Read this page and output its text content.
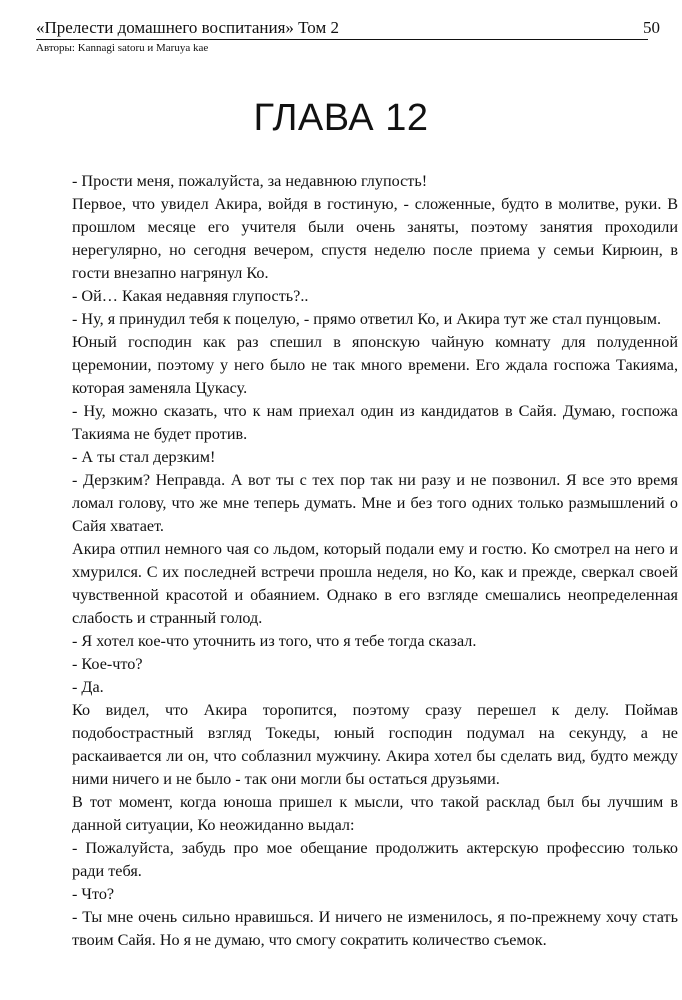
«Прелести домашнего воспитания» Том 2
Авторы: Kannagi satoru и Maruya kae
50
ГЛАВА 12

- Прости меня, пожалуйста, за недавнюю глупость!

Первое, что увидел Акира, войдя в гостиную, - сложенные, будто в молитве, руки. В прошлом месяце его учителя были очень заняты, поэтому занятия проходили нерегулярно, но сегодня вечером, спустя неделю после приема у семьи Кирюин, в гости внезапно нагрянул Ко.

- Ой… Какая недавняя глупость?..

- Ну, я принудил тебя к поцелую, - прямо ответил Ко, и Акира тут же стал пунцовым.

Юный господин как раз спешил в японскую чайную комнату для полуденной церемонии, поэтому у него было не так много времени. Его ждала госпожа Такияма, которая заменяла Цукасу.

- Ну, можно сказать, что к нам приехал один из кандидатов в Сайя. Думаю, госпожа Такияма не будет против.

- А ты стал дерзким!

- Дерзким? Неправда. А вот ты с тех пор так ни разу и не позвонил. Я все это время ломал голову, что же мне теперь думать. Мне и без того одних только размышлений о Сайя хватает.

Акира отпил немного чая со льдом, который подали ему и гостю. Ко смотрел на него и хмурился. С их последней встречи прошла неделя, но Ко, как и прежде, сверкал своей чувственной красотой и обаянием. Однако в его взгляде смешались неопределенная слабость и странный голод.

- Я хотел кое-что уточнить из того, что я тебе тогда сказал.

- Кое-что?

- Да.

Ко видел, что Акира торопится, поэтому сразу перешел к делу. Поймав подобострастный взгляд Токеды, юный господин подумал на секунду, а не раскаивается ли он, что соблазнил мужчину. Акира хотел бы сделать вид, будто между ними ничего и не было - так они могли бы остаться друзьями.

В тот момент, когда юноша пришел к мысли, что такой расклад был бы лучшим в данной ситуации, Ко неожиданно выдал:

- Пожалуйста, забудь про мое обещание продолжить актерскую профессию только ради тебя.

- Что?

- Ты мне очень сильно нравишься. И ничего не изменилось, я по-прежнему хочу стать твоим Сайя. Но я не думаю, что смогу сократить количество съемок.
